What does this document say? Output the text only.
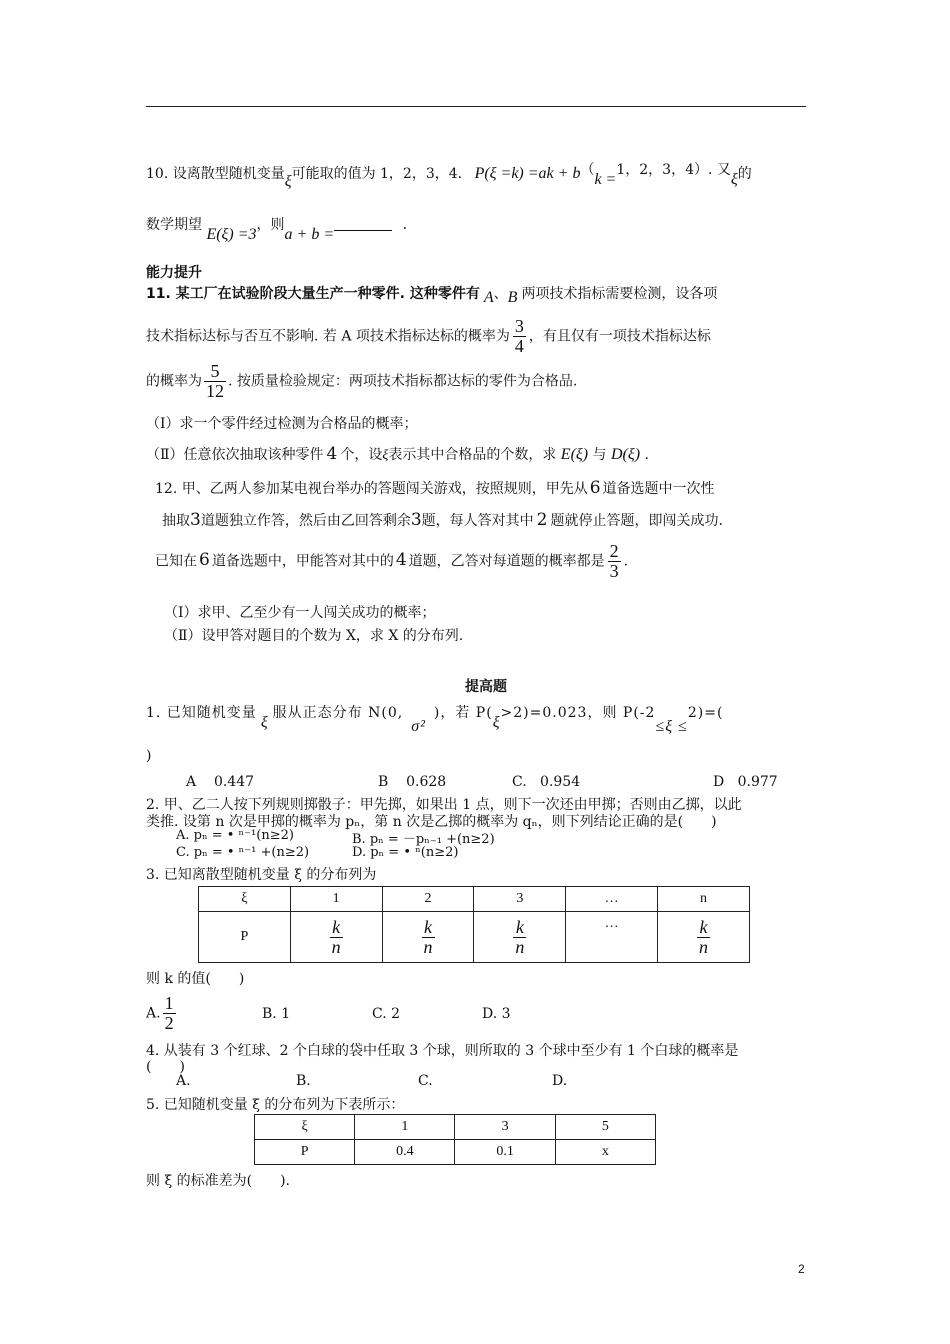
10. 设离散型随机变量ξ可能取的值为 1，2，3，4. P(ξ =k) =ak + b（k =1，2，3，4）. 又ξ的
数学期望 E(ξ) =3，则a + b = .
能力提升
11. 某工厂在试验阶段大量生产一种零件. 这种零件有 A、B 两项技术指标需要检测，设各项
技术指标达标与否互不影响. 若 A 项技术指标达标的概率为 $\frac{3}{4}$ ，有且仅有一项技术指标达标
的概率为 $\frac{5}{12}$ . 按质量检验规定：两项技术指标都达标的零件为合格品.
（Ⅰ）求一个零件经过检测为合格品的概率；
（Ⅱ）任意依次抽取该种零件 4 个，设ξ表示其中合格品的个数，求 E(ξ) 与 D(ξ) .
12. 甲、乙两人参加某电视台举办的答题闯关游戏，按照规则，甲先从 6 道备选题中一次性
抽取3道题独立作答，然后由乙回答剩余3题，每人答对其中 2 题就停止答题，即闯关成功.
已知在 6 道备选题中，甲能答对其中的 4 道题，乙答对每道题的概率都是 $\frac{2}{3}$ .
（Ⅰ）求甲、乙至少有一人闯关成功的概率；
（Ⅱ）设甲答对题目的个数为 X，求 X 的分布列.
提高题
1. 已知随机变量ξ服从正态分布 N(0,σ²)，若 P(ξ>2)=0.023，则 P(-2≤ξ ≤2)=(
)
A 0.447	B 0.628	C. 0.954	D 0.977
2. 甲、乙二人按下列规则掷骰子：甲先掷，如果出 1 点，则下一次还由甲掷；否则由乙掷，以此
类推. 设第 n 次是甲掷的概率为 pₙ，第 n 次是乙掷的概率为 qₙ，则下列结论正确的是(　　)
A. pₙ = • ⁿ⁻¹(n≥2)	B. pₙ = －pₙ₋₁ +(n≥2)
C. pₙ = • ⁿ⁻¹ +(n≥2)	D. pₙ = • ⁿ(n≥2)
3. 已知离散型随机变量 ξ 的分布列为
ξ	1	2	3	…	n
P	$\frac{k}{n}$	$\frac{k}{n}$	$\frac{k}{n}$	…	$\frac{k}{n}$
则 k 的值(　　)
A. $\frac{1}{2}$	B. 1	C. 2	D. 3
4. 从装有 3 个红球、2 个白球的袋中任取 3 个球，则所取的 3 个球中至少有 1 个白球的概率是
(　　)
A.	B.	C.	D.
5. 已知随机变量 ξ 的分布列为下表所示：
ξ	1	3	5
P	0.4	0.1	x
则 ξ 的标准差为(　　).
2
